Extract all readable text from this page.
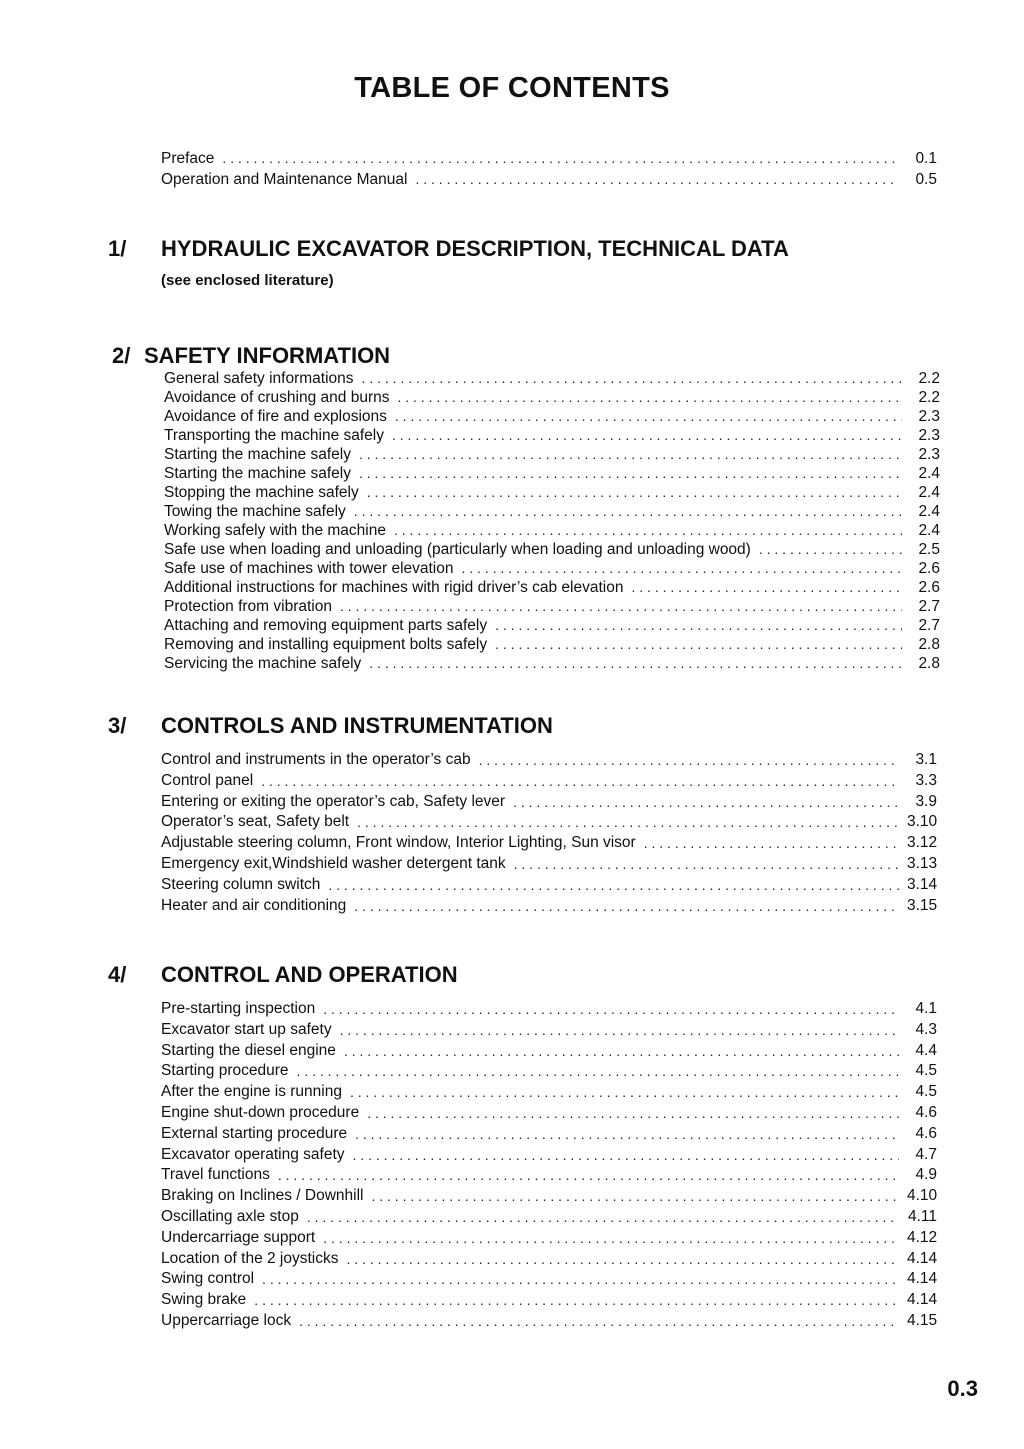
TABLE OF CONTENTS
Preface . . .	0.1
Operation and Maintenance Manual . . .	0.5
1/ HYDRAULIC EXCAVATOR DESCRIPTION, TECHNICAL DATA
(see enclosed literature)
2/ SAFETY INFORMATION
General safety informations . . .	2.2
Avoidance of crushing and burns . . .	2.2
Avoidance of fire and explosions . . .	2.3
Transporting the machine safely . . .	2.3
Starting the machine safely . . .	2.3
Starting the machine safely . . .	2.4
Stopping the machine safely . . .	2.4
Towing the machine safely . . .	2.4
Working safely with the machine . . .	2.4
Safe use when loading and unloading (particularly when loading and unloading wood) . . .	2.5
Safe use of machines with tower elevation . . .	2.6
Additional instructions for machines with rigid driver’s cab elevation . . .	2.6
Protection from vibration . . .	2.7
Attaching and removing equipment parts safely . . .	2.7
Removing and installing equipment bolts safely . . .	2.8
Servicing the machine safely . . .	2.8
3/ CONTROLS AND INSTRUMENTATION
Control and instruments in the operator’s cab . . .	3.1
Control panel . . .	3.3
Entering or exiting the operator’s cab, Safety lever . . .	3.9
Operator’s seat, Safety belt . . .	3.10
Adjustable steering column, Front window, Interior Lighting, Sun visor . . .	3.12
Emergency exit,Windshield washer detergent tank . . .	3.13
Steering column switch . . .	3.14
Heater and air conditioning . . .	3.15
4/ CONTROL AND OPERATION
Pre-starting inspection . . .	4.1
Excavator start up safety . . .	4.3
Starting the diesel engine . . .	4.4
Starting procedure . . .	4.5
After the engine is running . . .	4.5
Engine shut-down procedure . . .	4.6
External starting procedure . . .	4.6
Excavator operating safety . . .	4.7
Travel functions . . .	4.9
Braking on Inclines / Downhill . . .	4.10
Oscillating axle stop . . .	4.11
Undercarriage support . . .	4.12
Location of the 2 joysticks . . .	4.14
Swing control . . .	4.14
Swing brake . . .	4.14
Uppercarriage lock . . .	4.15
0.3
